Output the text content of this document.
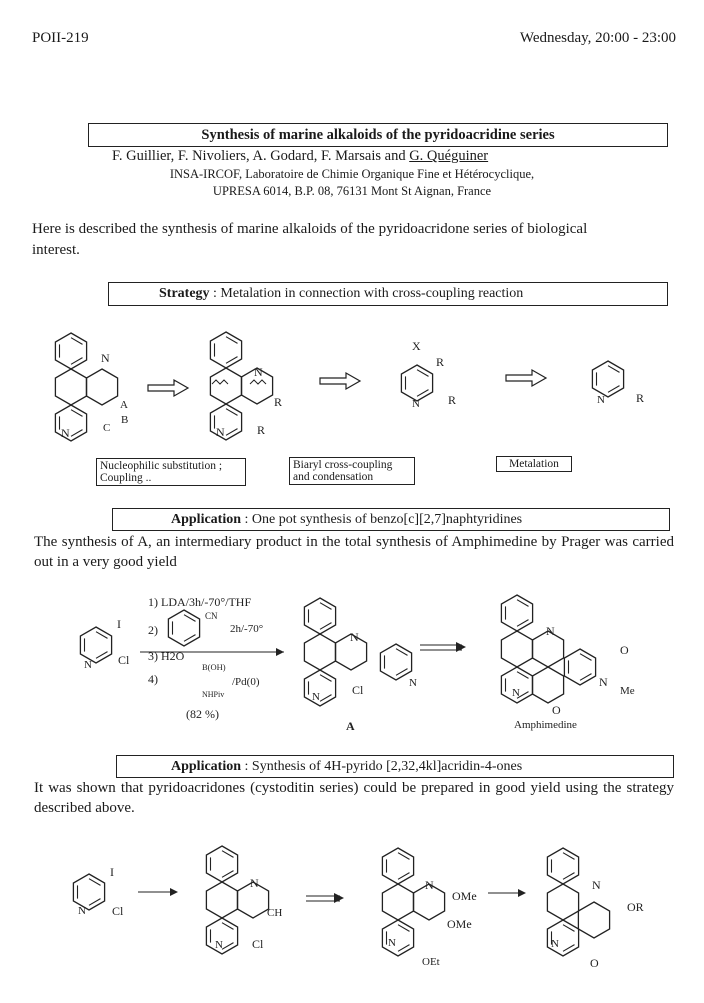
POII-219	Wednesday, 20:00 - 23:00
Synthesis of marine alkaloids of the pyridoacridine series
F. Guillier, F. Nivoliers, A. Godard, F. Marsais and G. Quéguiner
INSA-IRCOF, Laboratoire de Chimie Organique Fine et Hétérocyclique,
UPRESA 6014, B.P. 08, 76131 Mont St Aignan, France
Here is described the synthesis of marine alkaloids of the pyridoacridone series of biological interest.
Strategy : Metalation in connection with cross-coupling reaction
Nucleophilic substitution ;
Coupling ..
Biaryl cross-coupling
and condensation
Metalation
Application : One pot synthesis of benzo[c][2,7]naphtyridines
The synthesis of A, an intermediary product in the total synthesis of Amphimedine by Prager was carried out in a very good yield
Application : Synthesis of 4H-pyrido [2,32,4kl]acridin-4-ones
It was shown that pyridoacridones (cystoditin series) could be prepared in good yield using the strategy described above.
N
N
A
B
C
N
N
R
R
X
R
N R	N	R
I
N Cl
1) LDA/3h/-70°/THF
2)
CN
2h/-70°
3) H2O
4)
B(OH)
NHPiv
/Pd(0)
(82 %)
N
N	Cl	N
A
N
N
O
N
Me
O
Amphimedine
I
N Cl
N
CH
N Cl
N
OMe
OMe
N
OEt
N
OR
N
O
